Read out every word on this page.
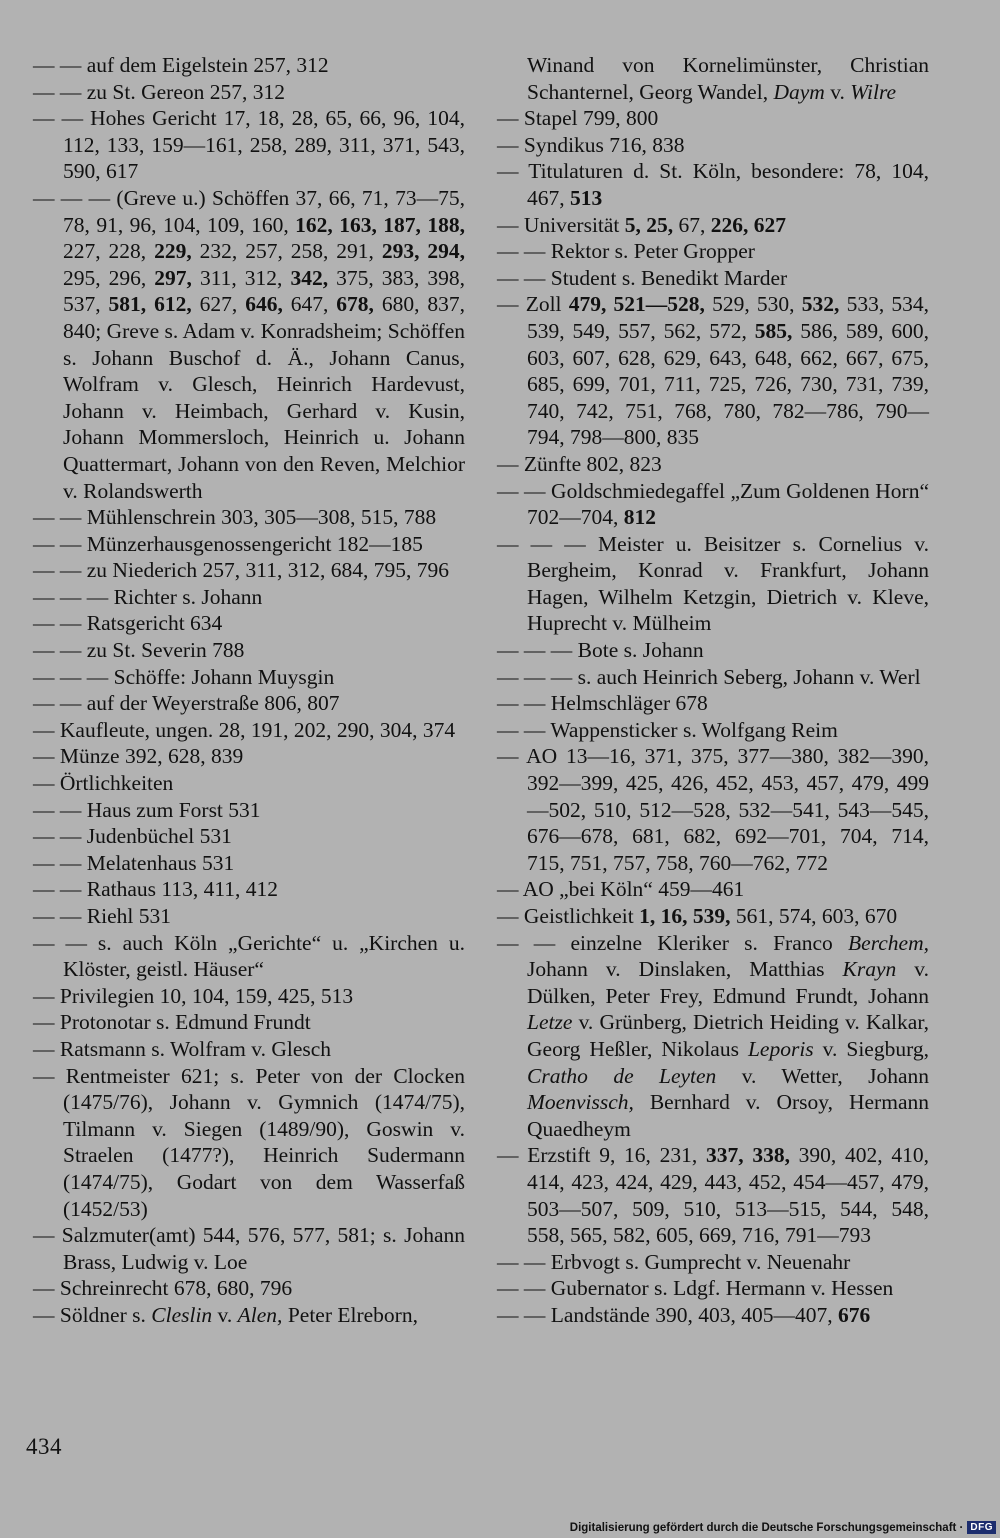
— — auf dem Eigelstein 257, 312

— — zu St. Gereon 257, 312

— — Hohes Gericht 17, 18, 28, 65, 66, 96, 104, 112, 133, 159—161, 258, 289, 311, 371, 543, 590, 617

— — — (Greve u.) Schöffen 37, 66, 71, 73—75, 78, 91, 96, 104, 109, 160, 162, 163, 187, 188, 227, 228, 229, 232, 257, 258, 291, 293, 294, 295, 296, 297, 311, 312, 342, 375, 383, 398, 537, 581, 612, 627, 646, 647, 678, 680, 837, 840; Greve s. Adam v. Konradsheim; Schöffen s. Johann Buschof d. Ä., Johann Canus, Wolfram v. Glesch, Heinrich Hardevust, Johann v. Heimbach, Gerhard v. Kusin, Johann Mommersloch, Heinrich u. Johann Quattermart, Johann von den Reven, Melchior v. Rolandswerth

— — Mühlenschrein 303, 305—308, 515, 788

— — Münzerhausgenossengericht 182—185

— — zu Niederich 257, 311, 312, 684, 795, 796

— — — Richter s. Johann

— — Ratsgericht 634

— — zu St. Severin 788

— — — Schöffe: Johann Muysgin

— — auf der Weyerstraße 806, 807

— Kaufleute, ungen. 28, 191, 202, 290, 304, 374

— Münze 392, 628, 839

— Örtlichkeiten

— — Haus zum Forst 531

— — Judenbüchel 531

— — Melatenhaus 531

— — Rathaus 113, 411, 412

— — Riehl 531

— — s. auch Köln „Gerichte“ u. „Kirchen u. Klöster, geistl. Häuser“

— Privilegien 10, 104, 159, 425, 513

— Protonotar s. Edmund Frundt

— Ratsmann s. Wolfram v. Glesch

— Rentmeister 621; s. Peter von der Clocken (1475/76), Johann v. Gymnich (1474/75), Tilmann v. Siegen (1489/90), Goswin v. Straelen (1477?), Heinrich Sudermann (1474/75), Godart von dem Wasserfaß (1452/53)

— Salzmuter(amt) 544, 576, 577, 581; s. Johann Brass, Ludwig v. Loe

— Schreinrecht 678, 680, 796

— Söldner s. Cleslin v. Alen, Peter Elreborn,

Winand von Kornelimünster, Christian Schanternel, Georg Wandel, Daym v. Wilre

— Stapel 799, 800

— Syndikus 716, 838

— Titulaturen d. St. Köln, besondere: 78, 104, 467, 513

— Universität 5, 25, 67, 226, 627

— — Rektor s. Peter Gropper

— — Student s. Benedikt Marder

— Zoll 479, 521—528, 529, 530, 532, 533, 534, 539, 549, 557, 562, 572, 585, 586, 589, 600, 603, 607, 628, 629, 643, 648, 662, 667, 675, 685, 699, 701, 711, 725, 726, 730, 731, 739, 740, 742, 751, 768, 780, 782—786, 790—794, 798—800, 835

— Zünfte 802, 823

— — Goldschmiedegaffel „Zum Goldenen Horn“ 702—704, 812

— — — Meister u. Beisitzer s. Cornelius v. Bergheim, Konrad v. Frankfurt, Johann Hagen, Wilhelm Ketzgin, Dietrich v. Kleve, Huprecht v. Mülheim

— — — Bote s. Johann

— — — s. auch Heinrich Seberg, Johann v. Werl

— — Helmschläger 678

— — Wappensticker s. Wolfgang Reim

— AO 13—16, 371, 375, 377—380, 382—390, 392—399, 425, 426, 452, 453, 457, 479, 499—502, 510, 512—528, 532—541, 543—545, 676—678, 681, 682, 692—701, 704, 714, 715, 751, 757, 758, 760—762, 772

— AO „bei Köln“ 459—461

— Geistlichkeit 1, 16, 539, 561, 574, 603, 670

— — einzelne Kleriker s. Franco Berchem, Johann v. Dinslaken, Matthias Krayn v. Dülken, Peter Frey, Edmund Frundt, Johann Letze v. Grünberg, Dietrich Heiding v. Kalkar, Georg Heßler, Nikolaus Leporis v. Siegburg, Cratho de Leyten v. Wetter, Johann Moenvissch, Bernhard v. Orsoy, Hermann Quaedheym

— Erzstift 9, 16, 231, 337, 338, 390, 402, 410, 414, 423, 424, 429, 443, 452, 454—457, 479, 503—507, 509, 510, 513—515, 544, 548, 558, 565, 582, 605, 669, 716, 791—793

— — Erbvogt s. Gumprecht v. Neuenahr

— — Gubernator s. Ldgf. Hermann v. Hessen

— — Landstände 390, 403, 405—407, 676

434
Digitalisierung gefördert durch die Deutsche Forschungsgemeinschaft · DFG
